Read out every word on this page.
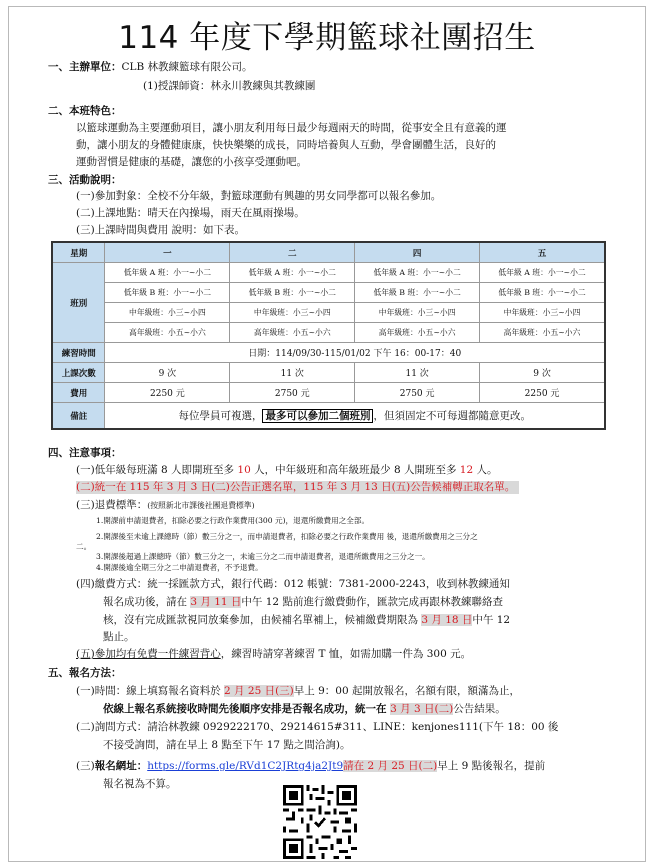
114 年度下學期籃球社團招生
一、主辦單位：CLB 林教練籃球有限公司。
(1)授課師資：林永川教練與其教練團
二、本班特色：
以籃球運動為主要運動項目，讓小朋友利用每日最少每週兩天的時間，從事安全且有意義的運
動，讓小朋友的身體健康康，快快樂樂的成長，同時培養與人互動，學會團體生活，良好的
運動習慣是健康的基礎，讓您的小孩享受運動吧。
三、活動說明：
(一)參加對象：全校不分年級，對籃球運動有興趣的男女同學都可以報名參加。
(二)上課地點：晴天在內操場，雨天在風雨操場。
(三)上課時間與費用 說明：如下表。
星期	一	二	四	五
班別	低年級 A 班：小一~小二	低年級 A 班：小一~小二	低年級 A 班：小一~小二	低年級 A 班：小一~小二
	低年級 B 班：小一~小二	低年級 B 班：小一~小二	低年級 B 班：小一~小二	低年級 B 班：小一~小二
	中年級班：小三~小四	中年級班：小三~小四	中年級班：小三~小四	中年級班：小三~小四
	高年級班：小五~小六	高年級班：小五~小六	高年級班：小五~小六	高年級班：小五~小六
練習時間	日期：114/09/30-115/01/02 下午 16：00-17：40			
上課次數	9 次	11 次	11 次	9 次
費用	2250 元	2750 元	2750 元	2250 元
備註	每位學員可複選， 最多可以參加二個班別 ，但須固定不可每週都隨意更改。			
四、注意事項：
(一)低年級每班滿 8 人即開班至多 10 人，中年級班和高年級班最少 8 人開班至多 12 人。
(二)統一在 115 年 3 月 3 日(二)公告正選名單，115 年 3 月 13 日(五)公告候補轉正取名單。
(三)退費標準：(按照新北市課後社團退費標準)
1.開課前申請退費者，扣除必要之行政作業費用(300 元)，退還所繳費用之全部。
2.開課後至未逾上課總時（節）數三分之一，而申請退費者，扣除必要之行政作業費用 後，退還所繳費用之三分之
二。
3.開課後超過上課總時（節）數三分之一，未逾三分之二而申請退費者，退還所繳費用之三分之一。
4.開課後逾全期三分之二申請退費者，不予退費。
(四)繳費方式：統一採匯款方式，銀行代碼：012 帳號：7381-2000-2243，收到林教練通知
報名成功後，請在 3 月 11 日中午 12 點前進行繳費動作，匯款完成再跟林教練聯絡查
核，沒有完成匯款視同放棄參加，由候補名單補上，候補繳費期限為 3 月 18 日中午 12
點止。
(五)參加均有免費一件練習背心，練習時請穿著練習 T 恤，如需加購一件為 300 元。
五、報名方法：
(一)時間：線上填寫報名資料於 2 月 25 日(三)早上 9：00 起開放報名，名額有限，額滿為止，
依線上報名系統接收時間先後順序安排是否報名成功，統一在 3 月 3 日(二)公告結果。
(二)詢問方式：請洽林教練 0929222170、29214615#311、LINE：kenjones111(下午 18：00 後
不接受詢問，請在早上 8 點至下午 17 點之間洽詢)。
(三)報名網址：https://forms.gle/RVd1C2JRtg4ja2Jt9請在 2 月 25 日(二)早上 9 點後報名，提前
報名視為不算。
